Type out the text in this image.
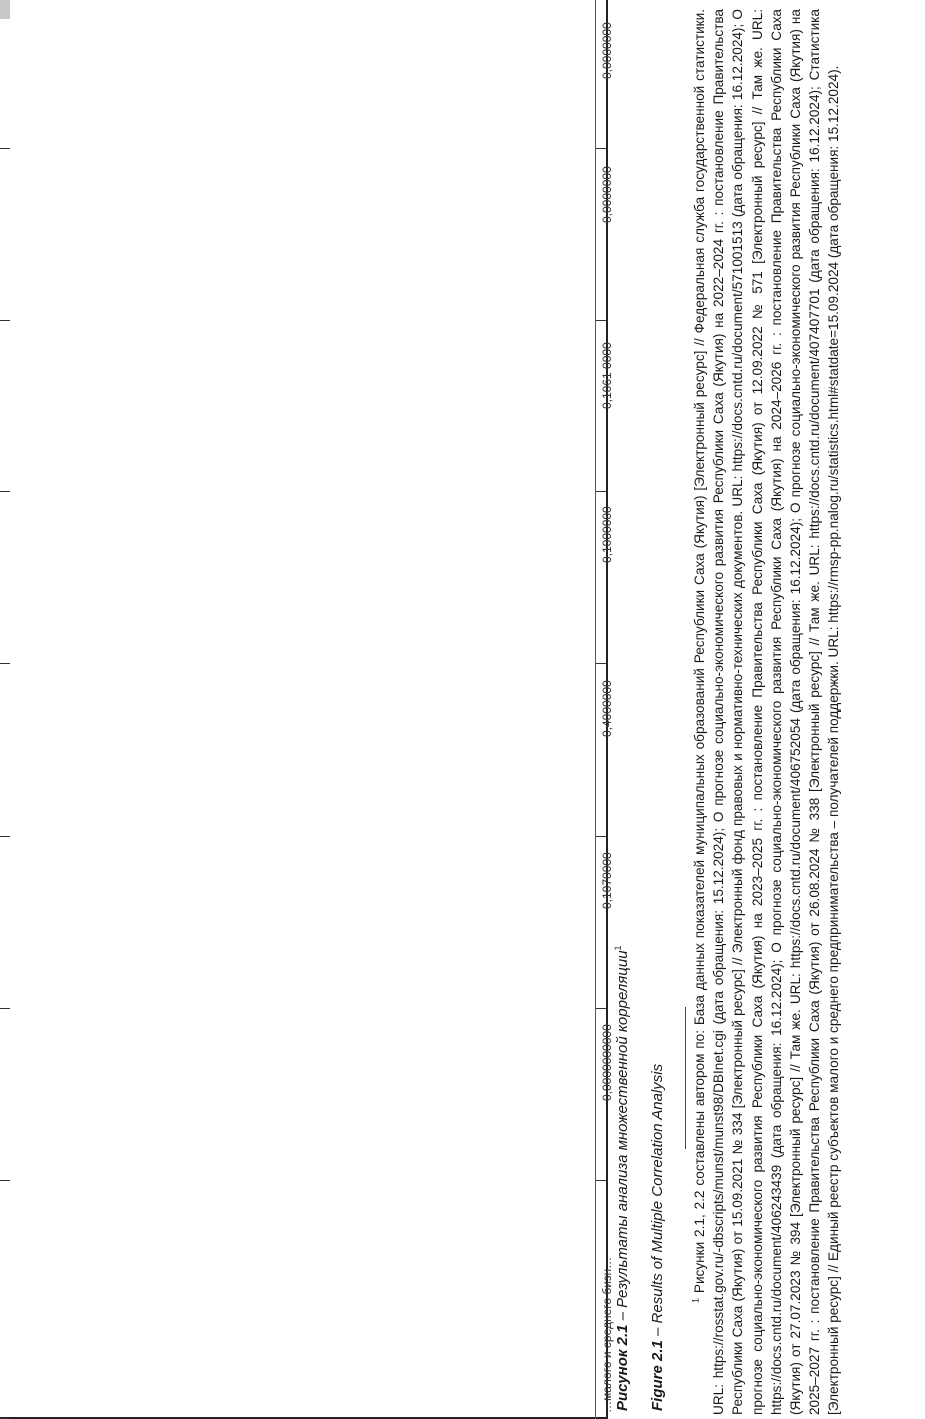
…малого и среднего бизн…
0,0000000000
0,1070000
0,4000000
0,1000000
0,1061 0000
0,0000000
0,0000000
Рисунок 2.1 – Результаты анализа множественной корреляции$^1$
Figure 2.1 – Results of Multiple Correlation Analysis	$^1$ Рисунки 2.1, 2.2 составлены автором по: База данных показателей муниципальных образований Республики Саха (Якутия) [Электронный ресурс] // Федеральная служба государственной статистики. URL: https://rosstat.gov.ru/-dbscripts/munst/munst98/DBInet.cgi (дата обращения: 15.12.2024); О прогнозе социально-экономического развития Республики Саха (Якутия) на 2022–2024 гг. : постановление Правительства Республики Саха (Якутия) от 15.09.2021 № 334 [Электронный ресурс] // Электронный фонд правовых и нормативно-технических документов. URL: https://docs.cntd.ru/document/571001513 (дата обращения: 16.12.2024); О прогнозе социально-экономического развития Республики Саха (Якутия) на 2023–2025 гг. : постановление Правительства Республики Саха (Якутия) от 12.09.2022 № 571 [Электронный ресурс] // Там же. URL: https://docs.cntd.ru/document/406243439 (дата обращения: 16.12.2024); О прогнозе социально-экономического развития Республики Саха (Якутия) на 2024–2026 гг. : постановление Правительства Республики Саха (Якутия) от 27.07.2023 № 394 [Электронный ресурс] // Там же. URL: https://docs.cntd.ru/document/406752054 (дата обращения: 16.12.2024); О прогнозе социально-экономического развития Республики Саха (Якутия) на 2025–2027 гг. : постановление Правительства Республики Саха (Якутия) от 26.08.2024 № 338 [Электронный ресурс] // Там же. URL: https://docs.cntd.ru/document/407407701 (дата обращения: 16.12.2024); Статистика [Электронный ресурс] // Единый реестр субъектов малого и среднего предпринимательства – получателей поддержки. URL: https://rmsp-pp.nalog.ru/statistics.html#statdate=15.09.2024 (дата обращения: 15.12.2024).
